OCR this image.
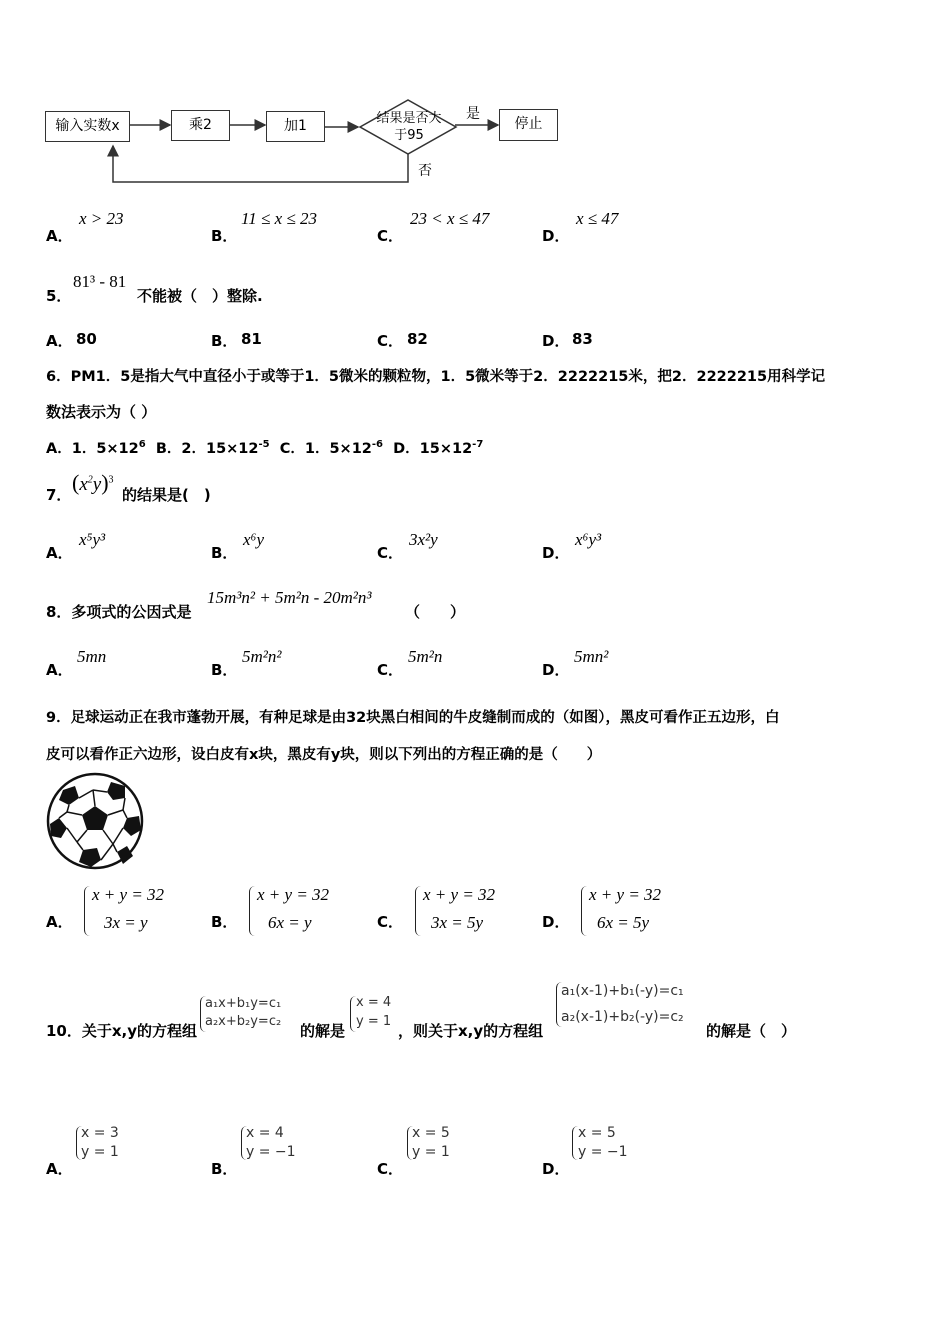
输入实数x	乘2	加1	结果是否大于95
是
否
停止
A．
x > 23
B．
11 ≤ x ≤ 23
C．
23 < x ≤ 47
D．
x ≤ 47
5．
81³ - 81
不能被（　）整除.
A． 80	B． 81	C． 82	D． 83
6．PM1．5是指大气中直径小于或等于1．5微米的颗粒物，1．5微米等于2．2222215米，把2．2222215用科学记
数法表示为（ ）
A．1．$5\times 12^6$ B．2．$15\times 12^{-5}$ C．1．$5\times 12^{-6}$ D．$15\times 12^{-7}$
7． $(x^2y)^3$
的结果是(　)
A．
x⁵y³
B．
x⁶y
C．
3x²y
D．
x⁶y³
8．多项式的公因式是
15m³n² + 5m²n - 20m²n³
（　　）
A．
5mn
B．
5m²n²
C．
5m²n
D．
5mn²
9．足球运动正在我市蓬勃开展，有种足球是由32块黑白相间的牛皮缝制而成的（如图），黑皮可看作正五边形，白
皮可以看作正六边形，设白皮有x块，黑皮有y块，则以下列出的方程正确的是（　　）
A．
x + y = 32
3x = y	B．
x + y = 32
6x = y	C．
x + y = 32
3x = 5y	D．
x + y = 32
6x = 5y
10．关于x,y的方程组
a₁x+b₁y=c₁
a₂x+b₂y=c₂
的解是
x = 4
y = 1
，则关于x,y的方程组
a₁(x-1)+b₁(-y)=c₁
a₂(x-1)+b₂(-y)=c₂
的解是（　）
A．
x = 3
y = 1
B．
x = 4
y = −1
C．
x = 5
y = 1
D．
x = 5
y = −1
